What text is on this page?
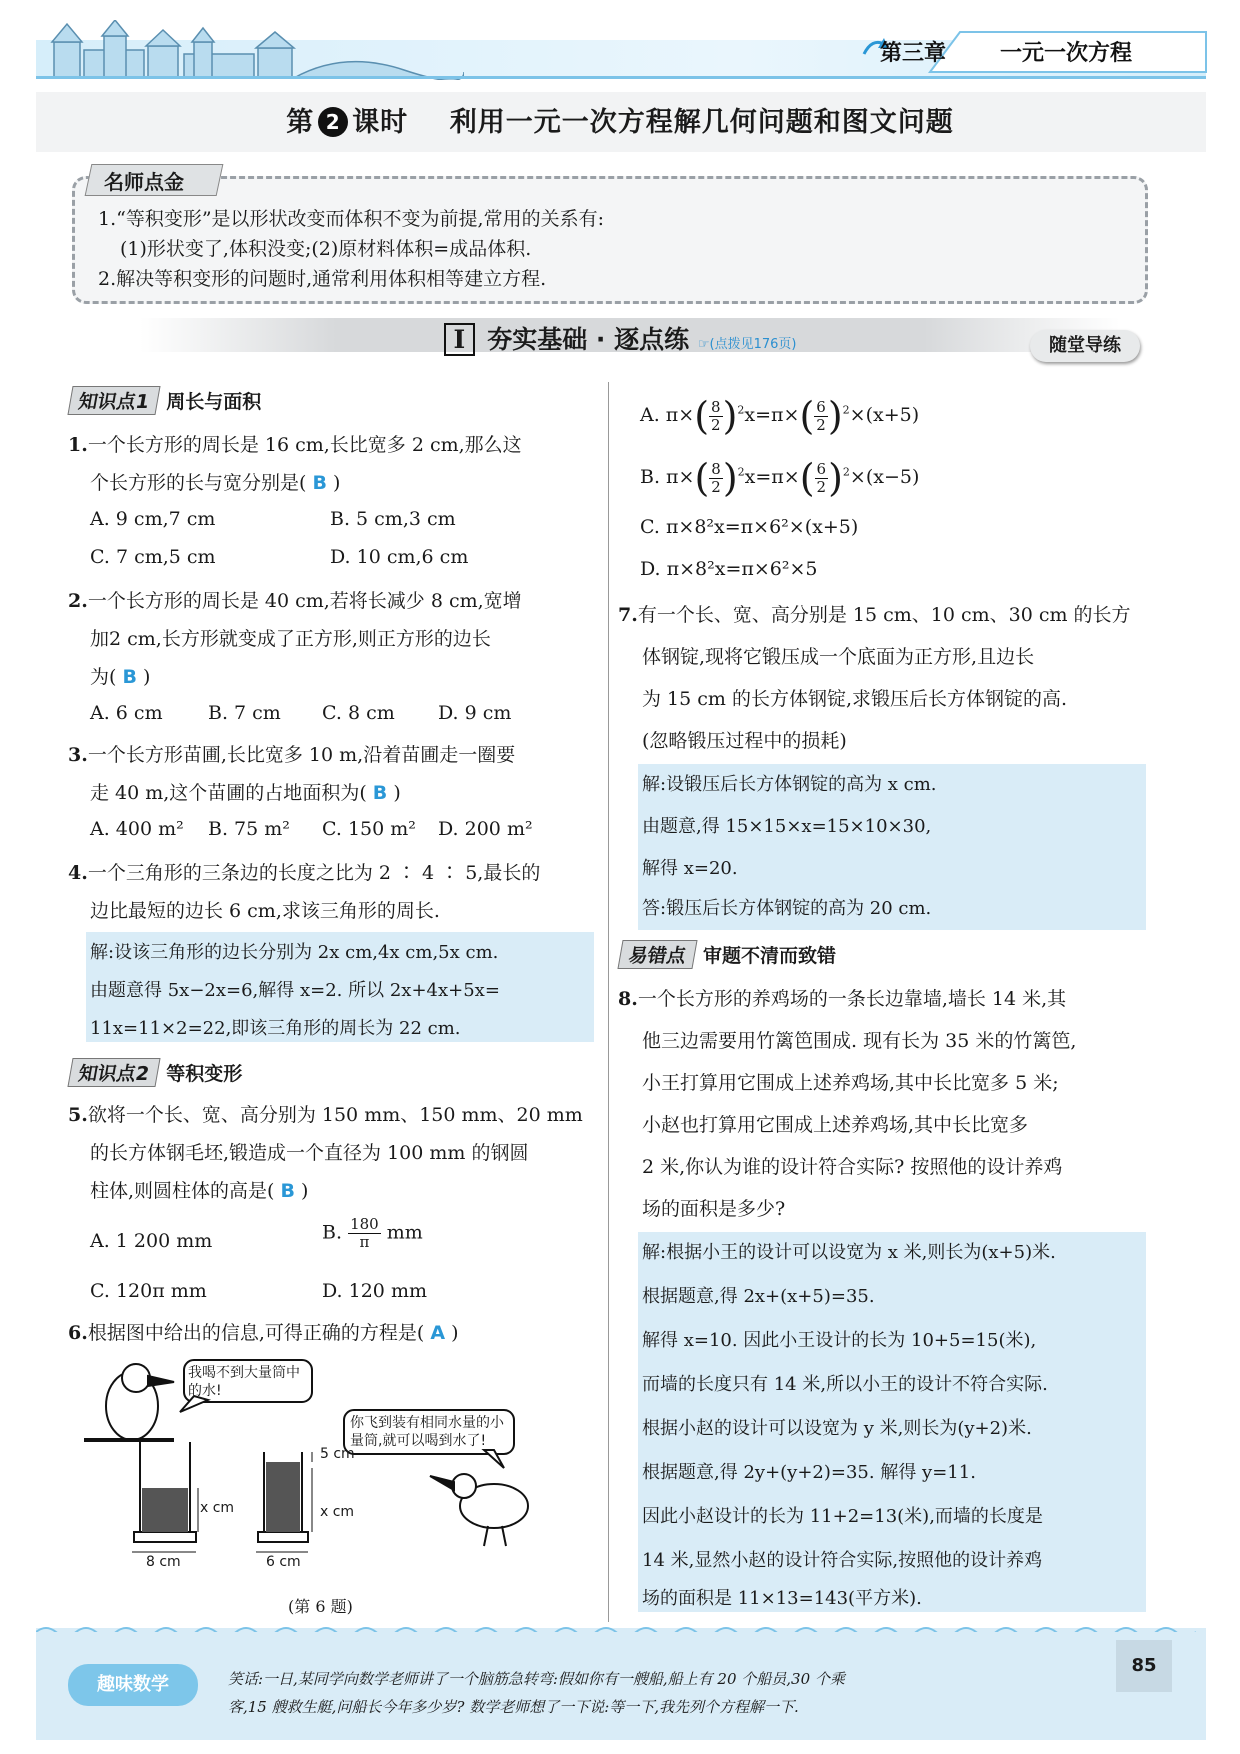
第三章 一元一次方程
第 2 课时 利用一元一次方程解几何问题和图文问题
名师点金
1.“等积变形”是以形状改变而体积不变为前提,常用的关系有:
(1)形状变了,体积没变;(2)原材料体积=成品体积.
2.解决等积变形的问题时,通常利用体积相等建立方程.
I 夯实基础 · 逐点练 ☞(点拨见176页)	随堂导练
知识点1 周长与面积
1.一个长方形的周长是 16 cm,长比宽多 2 cm,那么这
个长方形的长与宽分别是( B )
A. 9 cm,7 cm	B. 5 cm,3 cm
C. 7 cm,5 cm	D. 10 cm,6 cm
2.一个长方形的周长是 40 cm,若将长减少 8 cm,宽增
加2 cm,长方形就变成了正方形,则正方形的边长
为( B )
A. 6 cm B. 7 cm C. 8 cm D. 9 cm
3.一个长方形苗圃,长比宽多 10 m,沿着苗圃走一圈要
走 40 m,这个苗圃的占地面积为( B )
A. 400 m² B. 75 m² C. 150 m² D. 200 m²
4.一个三角形的三条边的长度之比为 2 ∶ 4 ∶ 5,最长的
边比最短的边长 6 cm,求该三角形的周长.
解:设该三角形的边长分别为 2x cm,4x cm,5x cm.
由题意得 5x−2x=6,解得 x=2. 所以 2x+4x+5x=
11x=11×2=22,即该三角形的周长为 22 cm.
知识点2 等积变形
5.欲将一个长、宽、高分别为 150 mm、150 mm、20 mm
的长方体钢毛坯,锻造成一个直径为 100 mm 的钢圆
柱体,则圆柱体的高是( B )
A. 1 200 mm	B. $\frac{180}{\pi}$ mm
C. 120π mm	D. 120 mm
6.根据图中给出的信息,可得正确的方程是( A )
我喝不到大量筒中的水!
你飞到装有相同水量的小量筒,就可以喝到水了!
x cm
8 cm
5 cm
x cm
6 cm
(第 6 题)
A. $\pi\times( \frac{8}{2} )^2x=\pi\times( \frac{6}{2} )^2\times(x+5)$
B. $\pi\times( \frac{8}{2} )^2x=\pi\times( \frac{6}{2} )^2\times(x-5)$
C. π×8²x=π×6²×(x+5)
D. π×8²x=π×6²×5
7.有一个长、宽、高分别是 15 cm、10 cm、30 cm 的长方
体钢锭,现将它锻压成一个底面为正方形,且边长
为 15 cm 的长方体钢锭,求锻压后长方体钢锭的高.
(忽略锻压过程中的损耗)
解:设锻压后长方体钢锭的高为 x cm.
由题意,得 15×15×x=15×10×30,
解得 x=20.
答:锻压后长方体钢锭的高为 20 cm.
易错点 审题不清而致错
8.一个长方形的养鸡场的一条长边靠墙,墙长 14 米,其
他三边需要用竹篱笆围成. 现有长为 35 米的竹篱笆,
小王打算用它围成上述养鸡场,其中长比宽多 5 米;
小赵也打算用它围成上述养鸡场,其中长比宽多
2 米,你认为谁的设计符合实际? 按照他的设计养鸡
场的面积是多少?
解:根据小王的设计可以设宽为 x 米,则长为(x+5)米.
根据题意,得 2x+(x+5)=35.
解得 x=10. 因此小王设计的长为 10+5=15(米),
而墙的长度只有 14 米,所以小王的设计不符合实际.
根据小赵的设计可以设宽为 y 米,则长为(y+2)米.
根据题意,得 2y+(y+2)=35. 解得 y=11.
因此小赵设计的长为 11+2=13(米),而墙的长度是
14 米,显然小赵的设计符合实际,按照他的设计养鸡
场的面积是 11×13=143(平方米).
趣味数学	笑话:一日,某同学向数学老师讲了一个脑筋急转弯:假如你有一艘船,船上有 20 个船员,30 个乘
客,15 艘救生艇,问船长今年多少岁? 数学老师想了一下说:等一下,我先列个方程解一下.
85
